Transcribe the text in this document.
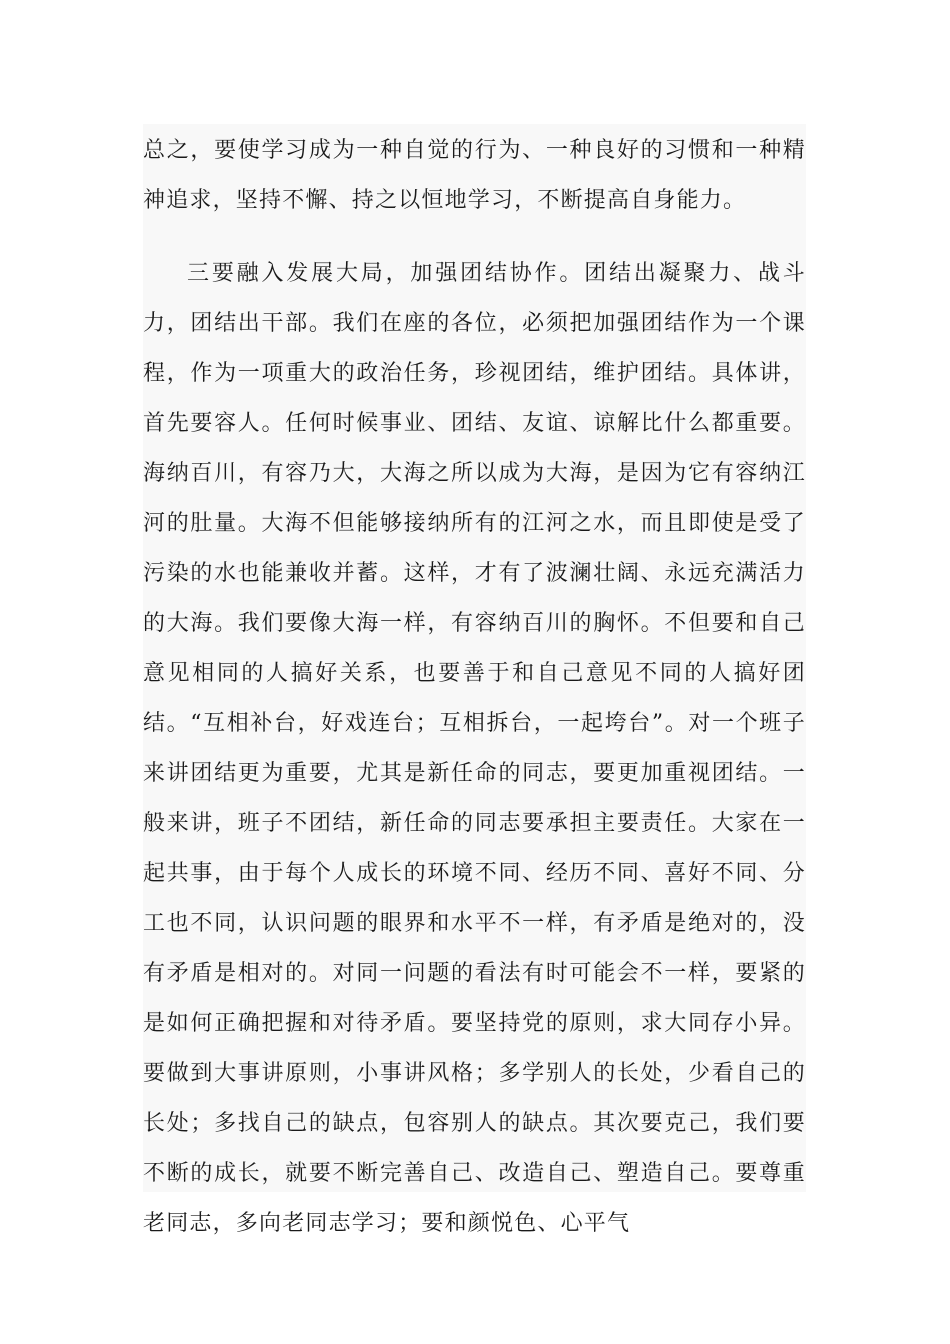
总之，要使学习成为一种自觉的行为、一种良好的习惯和一种精神追求，坚持不懈、持之以恒地学习，不断提高自身能力。

三要融入发展大局，加强团结协作。团结出凝聚力、战斗力，团结出干部。我们在座的各位，必须把加强团结作为一个课程，作为一项重大的政治任务，珍视团结，维护团结。具体讲，首先要容人。任何时候事业、团结、友谊、谅解比什么都重要。海纳百川，有容乃大，大海之所以成为大海，是因为它有容纳江河的肚量。大海不但能够接纳所有的江河之水，而且即使是受了污染的水也能兼收并蓄。这样，才有了波澜壮阔、永远充满活力的大海。我们要像大海一样，有容纳百川的胸怀。不但要和自己意见相同的人搞好关系，也要善于和自己意见不同的人搞好团结。“互相补台，好戏连台；互相拆台，一起垮台”。对一个班子来讲团结更为重要，尤其是新任命的同志，要更加重视团结。一般来讲，班子不团结，新任命的同志要承担主要责任。大家在一起共事，由于每个人成长的环境不同、经历不同、喜好不同、分工也不同，认识问题的眼界和水平不一样，有矛盾是绝对的，没有矛盾是相对的。对同一问题的看法有时可能会不一样，要紧的是如何正确把握和对待矛盾。要坚持党的原则，求大同存小异。要做到大事讲原则，小事讲风格；多学别人的长处，少看自己的长处；多找自己的缺点，包容别人的缺点。其次要克己，我们要不断的成长，就要不断完善自己、改造自己、塑造自己。要尊重老同志，多向老同志学习；要和颜悦色、心平气
